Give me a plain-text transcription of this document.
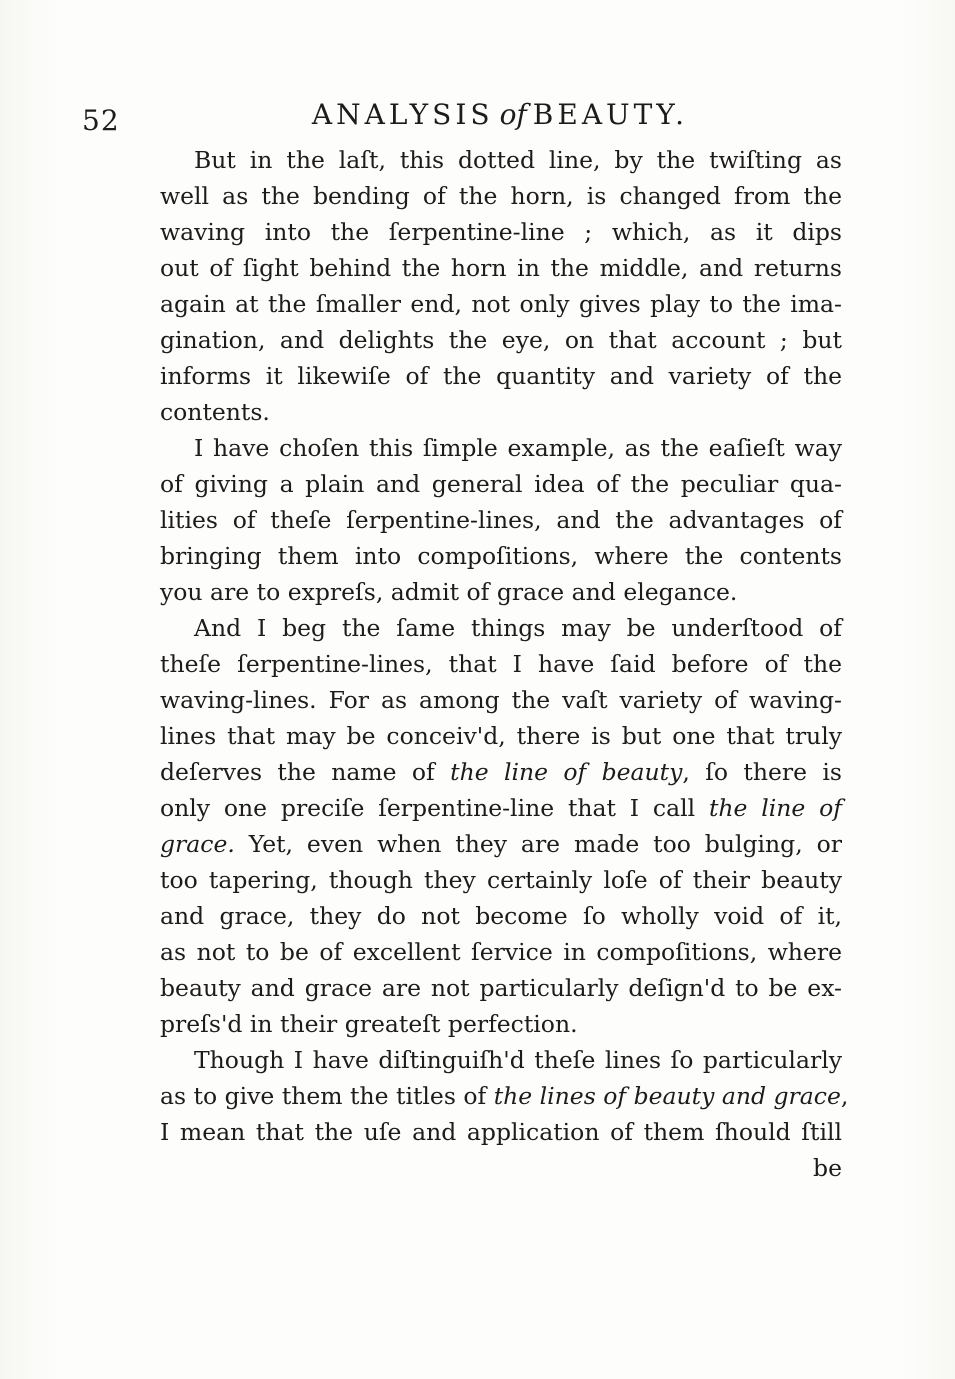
52	ANALYSIS of BEAUTY.
But in the laſt, this dotted line, by the twiſting as
well as the bending of the horn, is changed from the
waving into the ſerpentine-line ; which, as it dips
out of ſight behind the horn in the middle, and returns
again at the ſmaller end, not only gives play to the ima-
gination, and delights the eye, on that account ; but
informs it likewiſe of the quantity and variety of the
contents.
I have choſen this ſimple example, as the eaſieſt way
of giving a plain and general idea of the peculiar qua-
lities of theſe ſerpentine-lines, and the advantages of
bringing them into compoſitions, where the contents
you are to expreſs, admit of grace and elegance.
And I beg the ſame things may be underſtood of
theſe ſerpentine-lines, that I have ſaid before of the
waving-lines. For as among the vaſt variety of waving-
lines that may be conceiv'd, there is but one that truly
deſerves the name of the line of beauty, ſo there is
only one preciſe ſerpentine-line that I call the line of
grace. Yet, even when they are made too bulging, or
too tapering, though they certainly loſe of their beauty
and grace, they do not become ſo wholly void of it,
as not to be of excellent ſervice in compoſitions, where
beauty and grace are not particularly deſign'd to be ex-
preſs'd in their greateſt perfection.
Though I have diſtinguiſh'd theſe lines ſo particularly
as to give them the titles of the lines of beauty and grace,
I mean that the uſe and application of them ſhould ſtill
be
